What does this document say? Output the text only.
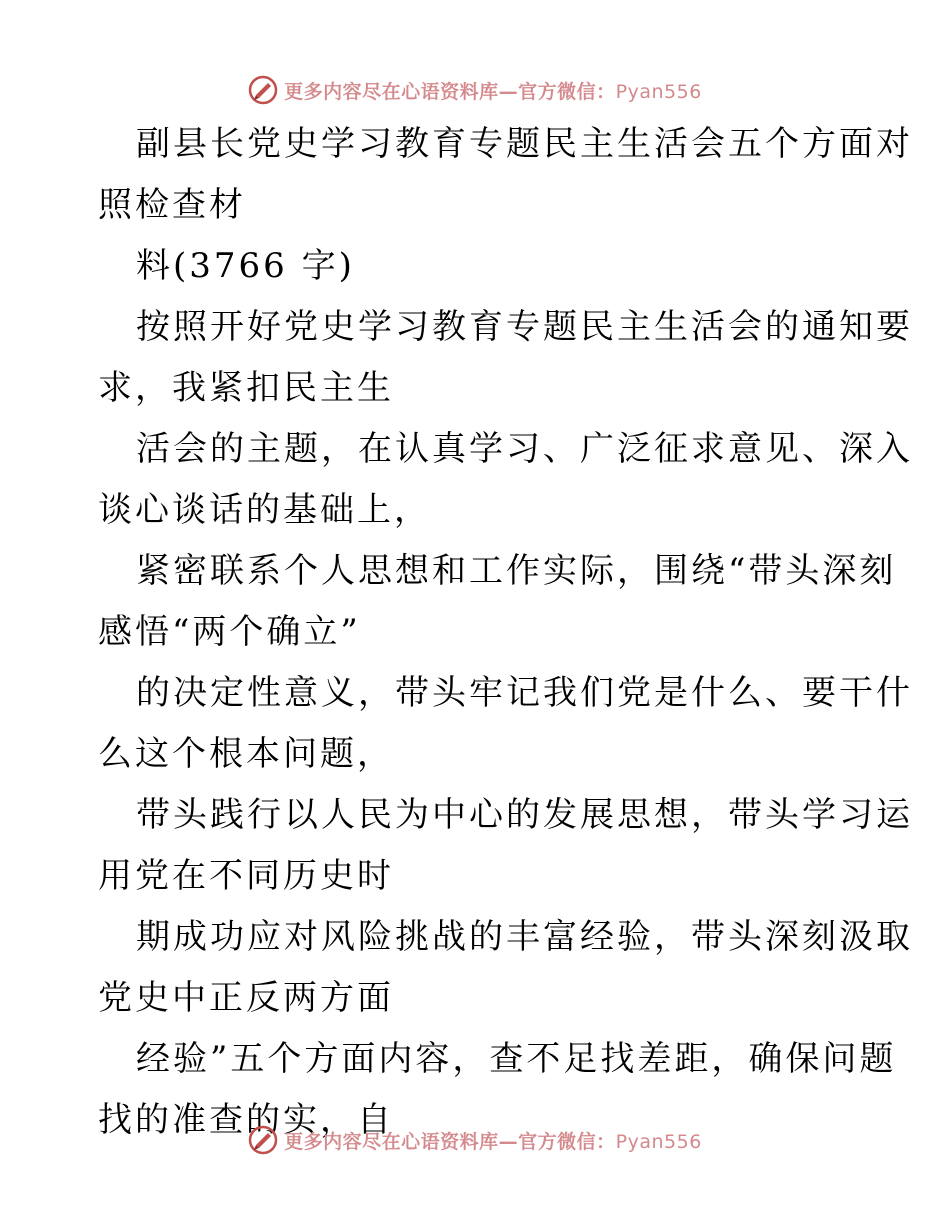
更多内容尽在心语资料库—官方微信：Pyan556
副县长党史学习教育专题民主生活会五个方面对
照检查材
料(3766 字)
按照开好党史学习教育专题民主生活会的通知要
求，我紧扣民主生
活会的主题，在认真学习、广泛征求意见、深入
谈心谈话的基础上，
紧密联系个人思想和工作实际，围绕“带头深刻
感悟“两个确立”
的决定性意义，带头牢记我们党是什么、要干什
么这个根本问题，
带头践行以人民为中心的发展思想，带头学习运
用党在不同历史时
期成功应对风险挑战的丰富经验，带头深刻汲取
党史中正反两方面
经验”五个方面内容，查不足找差距，确保问题
找的准查的实，自
更多内容尽在心语资料库—官方微信：Pyan556
